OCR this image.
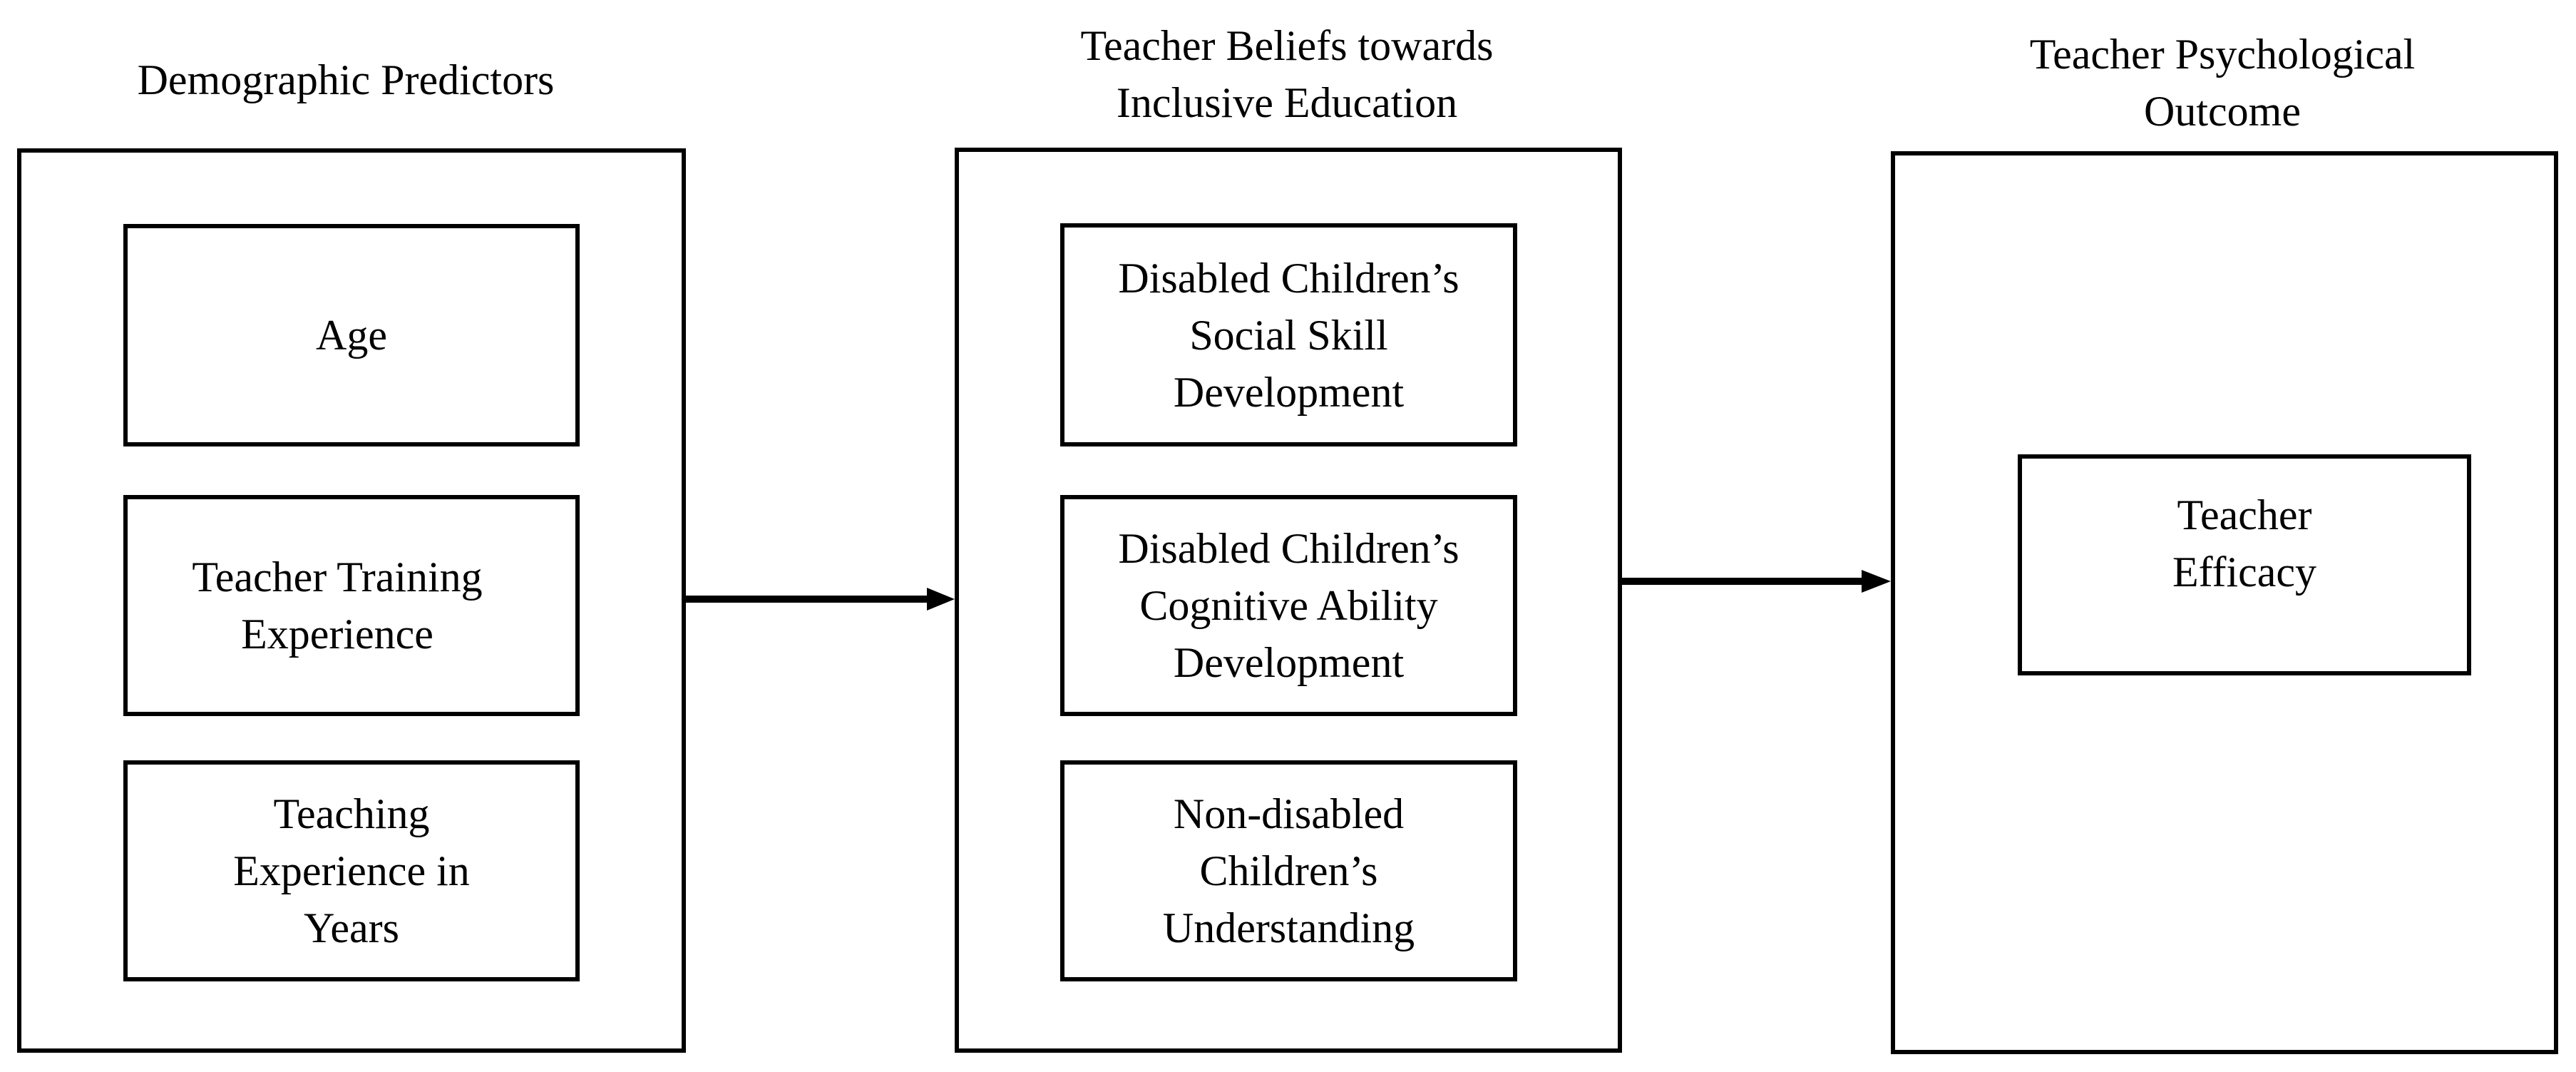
Demographic Predictors
Age
Teacher Training
Experience
Teaching
Experience in
Years
Teacher Beliefs towards
Inclusive Education
Disabled Children’s
Social Skill
Development
Disabled Children’s
Cognitive Ability
Development
Non-disabled
Children’s
Understanding
Teacher Psychological
Outcome
Teacher
Efficacy
